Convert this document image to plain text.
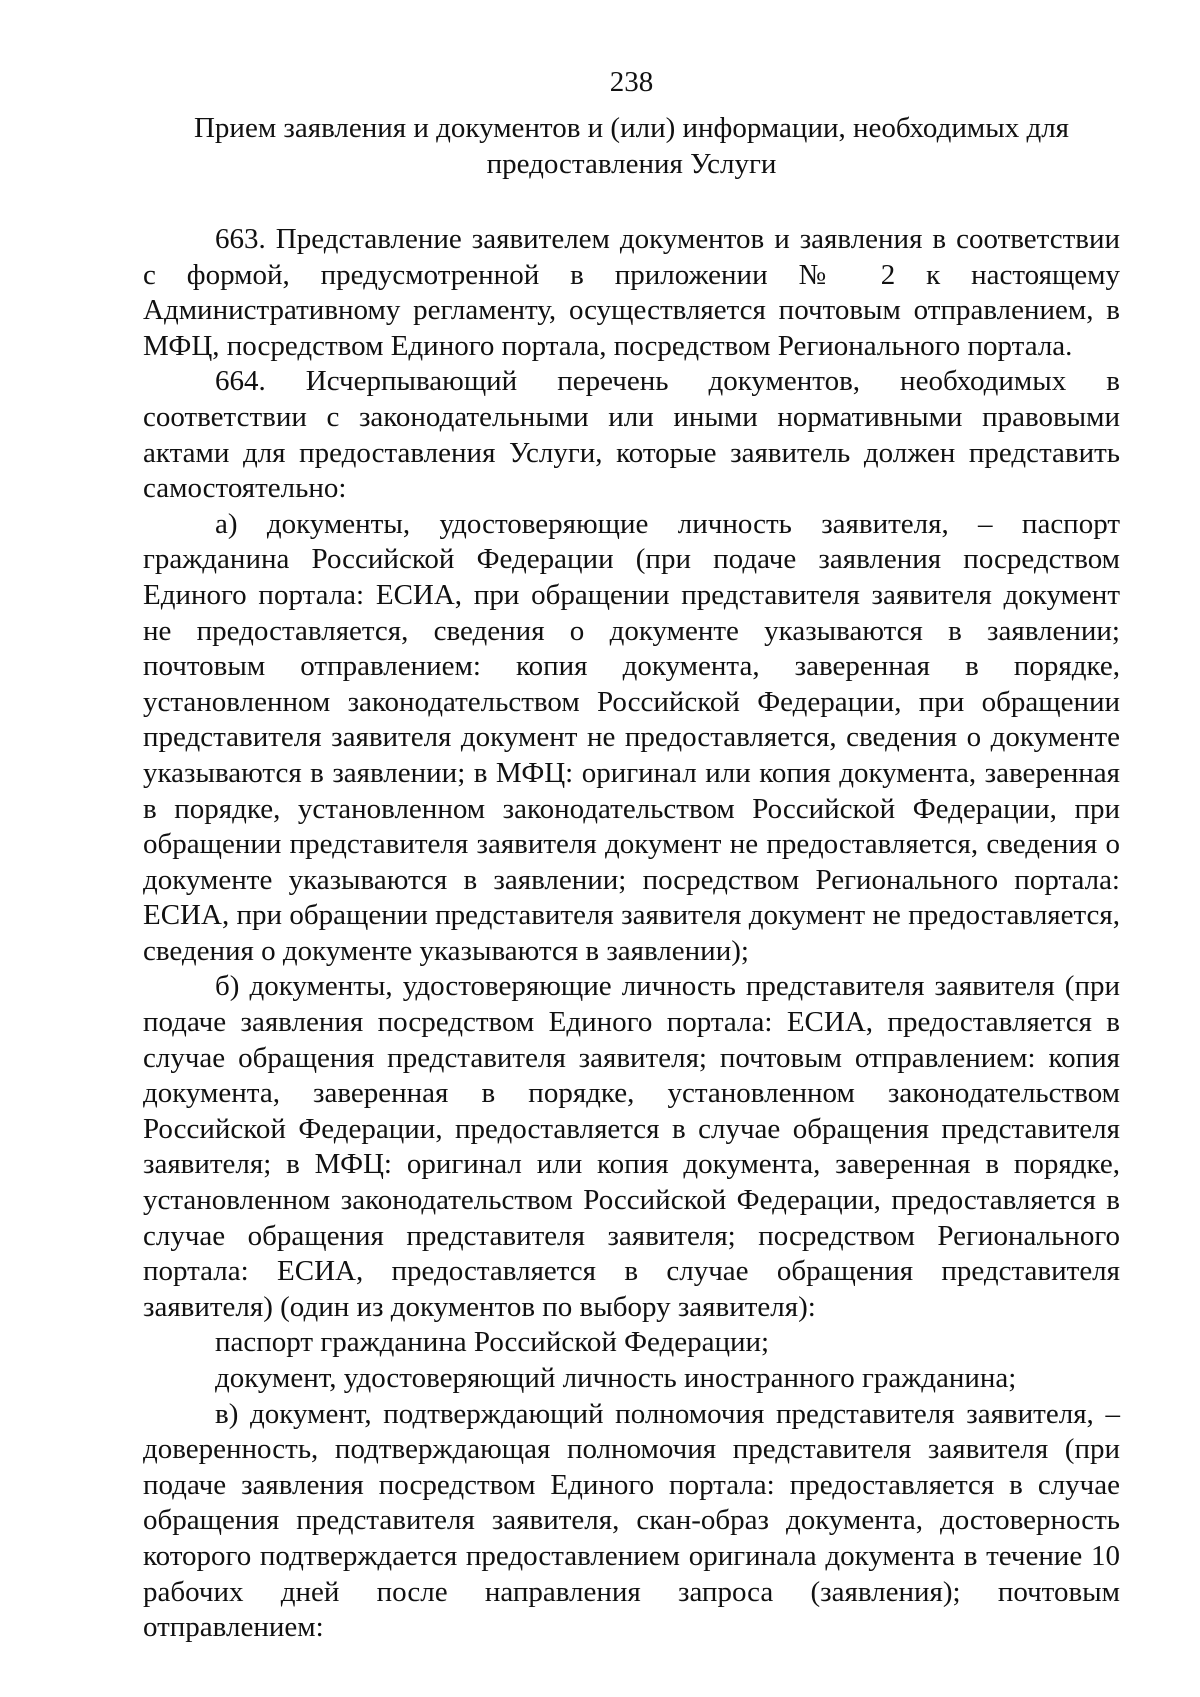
238
Прием заявления и документов и (или) информации, необходимых для предоставления Услуги

663. Представление заявителем документов и заявления в соответствии с формой, предусмотренной в приложении № 2 к настоящему Административному регламенту, осуществляется почтовым отправлением, в МФЦ, посредством Единого портала, посредством Регионального портала.

664. Исчерпывающий перечень документов, необходимых в соответствии с законодательными или иными нормативными правовыми актами для предоставления Услуги, которые заявитель должен представить самостоятельно:

а) документы, удостоверяющие личность заявителя, – паспорт гражданина Российской Федерации (при подаче заявления посредством Единого портала: ЕСИА, при обращении представителя заявителя документ не предоставляется, сведения о документе указываются в заявлении; почтовым отправлением: копия документа, заверенная в порядке, установленном законодательством Российской Федерации, при обращении представителя заявителя документ не предоставляется, сведения о документе указываются в заявлении; в МФЦ: оригинал или копия документа, заверенная в порядке, установленном законодательством Российской Федерации, при обращении представителя заявителя документ не предоставляется, сведения о документе указываются в заявлении; посредством Регионального портала: ЕСИА, при обращении представителя заявителя документ не предоставляется, сведения о документе указываются в заявлении);

б) документы, удостоверяющие личность представителя заявителя (при подаче заявления посредством Единого портала: ЕСИА, предоставляется в случае обращения представителя заявителя; почтовым отправлением: копия документа, заверенная в порядке, установленном законодательством Российской Федерации, предоставляется в случае обращения представителя заявителя; в МФЦ: оригинал или копия документа, заверенная в порядке, установленном законодательством Российской Федерации, предоставляется в случае обращения представителя заявителя; посредством Регионального портала: ЕСИА, предоставляется в случае обращения представителя заявителя) (один из документов по выбору заявителя):

паспорт гражданина Российской Федерации;

документ, удостоверяющий личность иностранного гражданина;

в) документ, подтверждающий полномочия представителя заявителя, – доверенность, подтверждающая полномочия представителя заявителя (при подаче заявления посредством Единого портала: предоставляется в случае обращения представителя заявителя, скан-образ документа, достоверность которого подтверждается предоставлением оригинала документа в течение 10 рабочих дней после направления запроса (заявления); почтовым отправлением:
